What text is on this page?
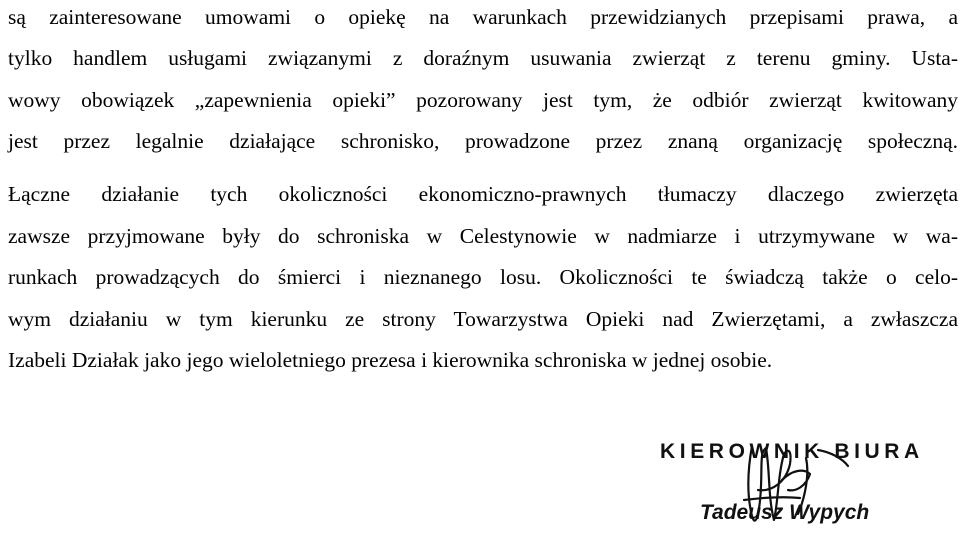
są zainteresowane umowami o opiekę na warunkach przewidzianych przepisami prawa, a
tylko handlem usługami związanymi z doraźnym usuwania zwierząt z terenu gminy. Usta-
wowy obowiązek „zapewnienia opieki” pozorowany jest tym, że odbiór zwierząt kwitowany
jest przez legalnie działające schronisko, prowadzone przez znaną organizację społeczną.
Łączne działanie tych okoliczności ekonomiczno-prawnych tłumaczy dlaczego zwierzęta
zawsze przyjmowane były do schroniska w Celestynowie w nadmiarze i utrzymywane w wa-
runkach prowadzących do śmierci i nieznanego losu. Okoliczności te świadczą także o celo-
wym działaniu w tym kierunku ze strony Towarzystwa Opieki nad Zwierzętami, a zwłaszcza
Izabeli Działak jako jego wieloletniego prezesa i kierownika schroniska w jednej osobie.
KIEROWNIK BIURA
Tadeusz Wypych
